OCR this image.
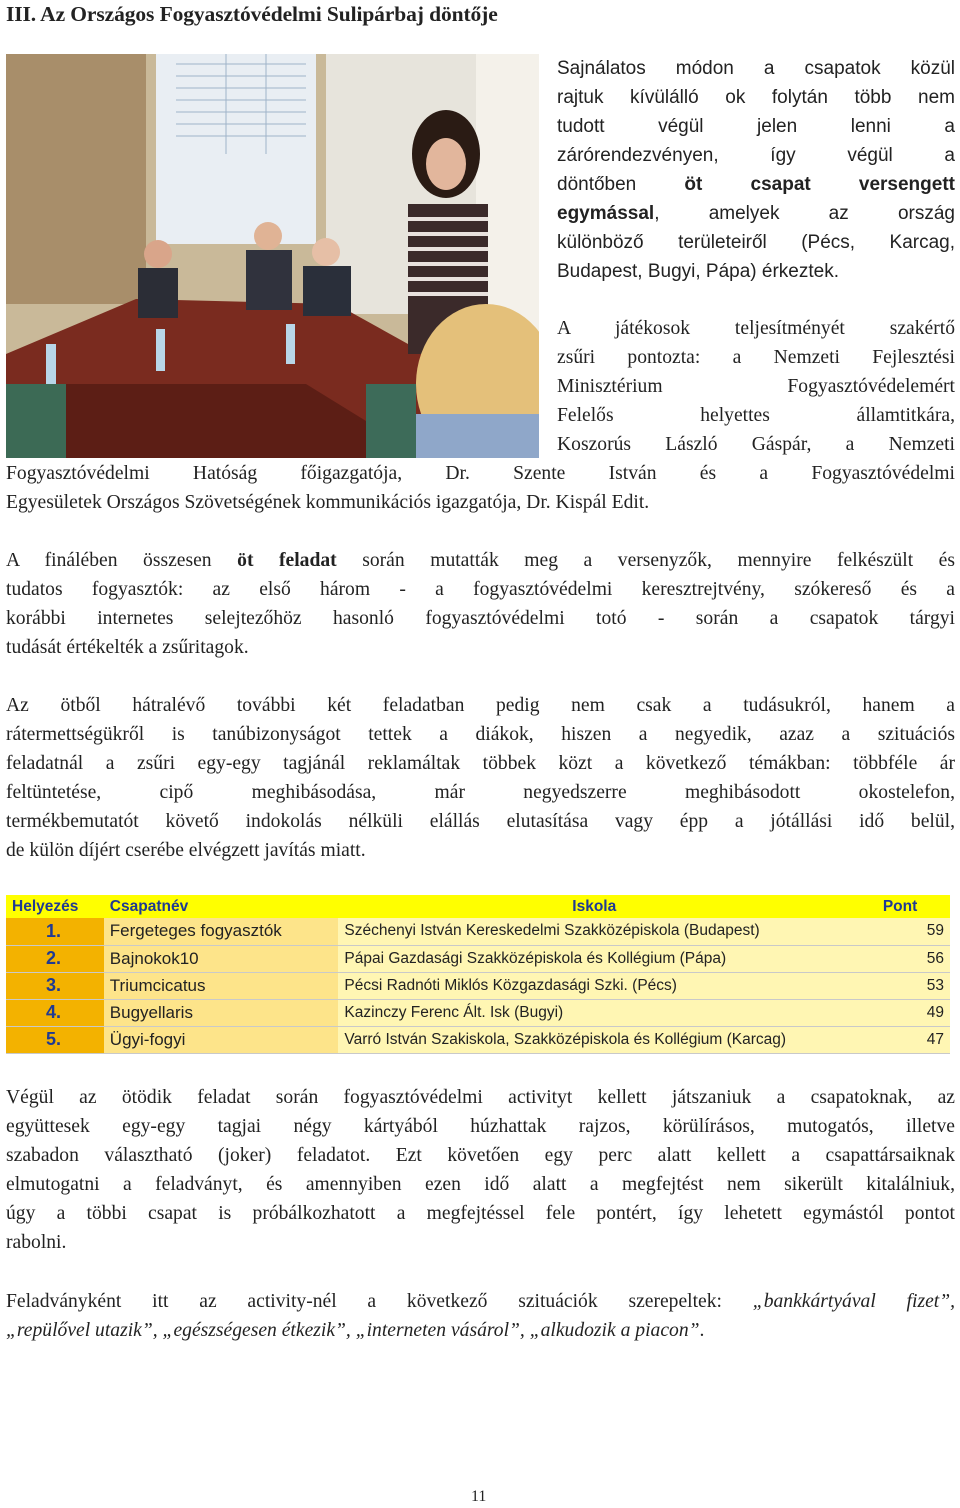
III. Az Országos Fogyasztóvédelmi Sulipárbaj döntője
Sajnálatos módon a csapatok közül
rajtuk kívülálló ok folytán több nem
tudott végül jelen lenni a
zárórendezvényen, így végül a
döntőben öt csapat versengett
egymással, amelyek az ország
különböző területeiről (Pécs, Karcag,
Budapest, Bugyi, Pápa) érkeztek.
A játékosok teljesítményét szakértő
zsűri pontozta: a Nemzeti Fejlesztési
Minisztérium Fogyasztóvédelemért
Felelős helyettes államtitkára,
Koszorús László Gáspár, a Nemzeti
Fogyasztóvédelmi Hatóság főigazgatója, Dr. Szente István és a Fogyasztóvédelmi
Egyesületek Országos Szövetségének kommunikációs igazgatója, Dr. Kispál Edit.
A finálében összesen öt feladat során mutatták meg a versenyzők, mennyire felkészült és
tudatos fogyasztók: az első három - a fogyasztóvédelmi keresztrejtvény, szókereső és a
korábbi internetes selejtezőhöz hasonló fogyasztóvédelmi totó - során a csapatok tárgyi
tudását értékelték a zsűritagok.
Az ötből hátralévő további két feladatban pedig nem csak a tudásukról, hanem a
rátermettségükről is tanúbizonyságot tettek a diákok, hiszen a negyedik, azaz a szituációs
feladatnál a zsűri egy-egy tagjánál reklamáltak többek közt a következő témákban: többféle ár
feltüntetése, cipő meghibásodása, már negyedszerre meghibásodott okostelefon,
termékbemutatót követő indokolás nélküli elállás elutasítása vagy épp a jótállási idő belül,
de külön díjért cserébe elvégzett javítás miatt.
Helyezés	Csapatnév	Iskola	Pont
1.	Fergeteges fogyasztók	Széchenyi István Kereskedelmi Szakközépiskola (Budapest)	59
2.	Bajnokok10	Pápai Gazdasági Szakközépiskola és Kollégium (Pápa)	56
3.	Triumcicatus	Pécsi Radnóti Miklós Közgazdasági Szki. (Pécs)	53
4.	Bugyellaris	Kazinczy Ferenc Ált. Isk (Bugyi)	49
5.	Ügyi-fogyi	Varró István Szakiskola, Szakközépiskola és Kollégium (Karcag)	47
Végül az ötödik feladat során fogyasztóvédelmi activityt kellett játszaniuk a csapatoknak, az
együttesek egy-egy tagjai négy kártyából húzhattak rajzos, körülírásos, mutogatós, illetve
szabadon választható (joker) feladatot. Ezt követően egy perc alatt kellett a csapattársaiknak
elmutogatni a feladványt, és amennyiben ezen idő alatt a megfejtést nem sikerült kitalálniuk,
úgy a többi csapat is próbálkozhatott a megfejtéssel fele pontért, így lehetett egymástól pontot
rabolni.
Feladványként itt az activity-nél a következő szituációk szerepeltek: „bankkártyával fizet”,
„repülővel utazik”, „egészségesen étkezik”, „interneten vásárol”, „alkudozik a piacon”.
11
